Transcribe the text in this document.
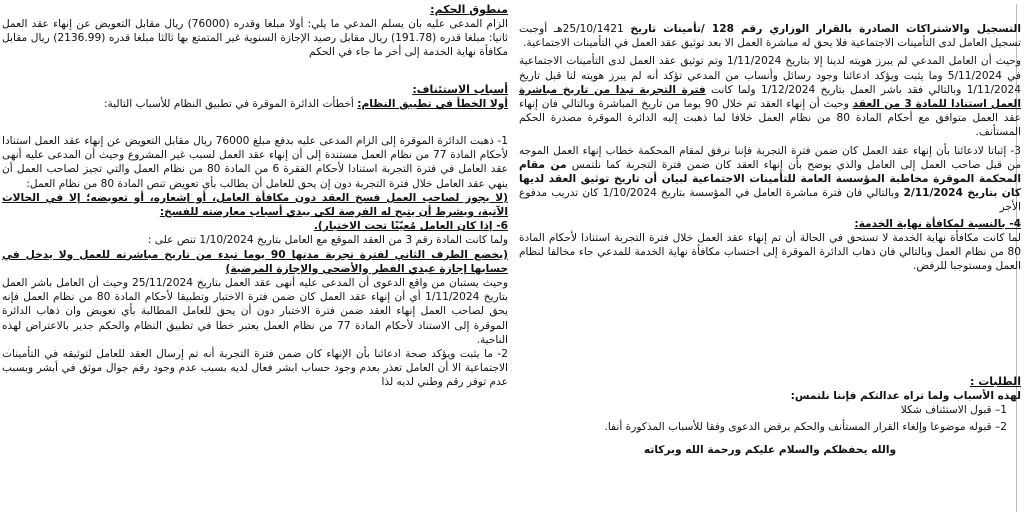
منطوق الحكم:

الزام المدعى عليه بان يسلم المدعي ما يلي: أولا مبلغا وقدره (76000) ريال مقابل التعويض عن إنهاء عقد العمل ثانيا: مبلغا قدره (191.78) ريال مقابل رصيد الإجازة السنوية غير المتمتع بها ثالثا مبلغا قدره (2136.99) ريال مقابل مكافأة نهاية الخدمة إلى أخر ما جاء في الحكم

أسباب الاستئناف:

أولا الخطأ في تطبيق النظام: أخطأت الدائرة الموقرة في تطبيق النظام للأسباب التالية:

1- ذهبت الدائرة الموقرة إلى الزام المدعى عليه بدفع مبلغ 76000 ريال مقابل التعويض عن إنهاء عقد العمل استنادا لأحكام المادة 77 من نظام العمل مستندة إلى أن إنهاء عقد العمل لسبب غير المشروع وحيث أن المدعى عليه أنهى عقد العامل في فترة التجربة استنادا لأحكام الفقرة 6 من المادة 80 من نظام العمل والتي تجيز لصاحب العمل أن ينهي عقد العامل خلال فترة التجربة دون إن يحق للعامل أن يطالب بأي تعويض تنص المادة 80 من نظام العمل:

(لا يجوز لصاحب العمل فسخ العقد دون مكافأة العامل، أو إشعاره، أو تعويضه؛ إلا في الحالات الآتية، ويشرط أن يتيح له الفرصة لكي يبدي أسباب معارضته للفسخ:

6- إذا كان العامل مُعيّنًا تحت الاختبار).

ولما كانت المادة رقم 3 من العقد الموقع مع العامل بتاريخ 1/10/2024 تنص على :

(يخضع الطرف الثاني لفترة تجربة مدتها 90 يوما تبدء من تاريخ مباشرته للعمل ولا يدخل في حسابها إجازة عيدي الفطر والأضحي والإجازة المرضية)

وحيث يستبان من واقع الدعوى أن المدعى عليه أنهى عقد العمل بتاريخ 25/11/2024 وحيث أن العامل باشر العمل بتاريخ 1/11/2024 أي أن إنهاء عقد العمل كان ضمن فترة الاختبار وتطبيقا لأحكام المادة 80 من نظام العمل فإنه يحق لصاحب العمل إنهاء العقد ضمن فترة الاختبار دون أن يحق للعامل المطالبة بأي تعويض وان ذهاب الدائرة الموقرة إلى الاستناد لأحكام المادة 77 من نظام العمل يعتبر خطا في تطبيق النظام والحكم جدير بالاعتراض لهذه الناحية.

2- ما يثبت ويؤكد صحة ادعائنا بأن الإنهاء كان ضمن فترة التجربة أنه تم إرسال العقد للعامل لتوثيقه في التأمينات الاجتماعية الا أن العامل تعذر بعدم وجود حساب ابشر فعال لديه بسبب عدم وجود رقم جوال موثق في أبشر وبسبب عدم توفر رقم وطني لديه لذا

التسجيل والاشتراكات الصادرة بالقرار الوزاري رقم 128 /تأمينات تاريخ 25/10/1421هـ أوجبت تسجيل العامل لدى التأمينات الاجتماعية فلا يحق له مباشرة العمل الا بعد توثيق عقد العمل في التأمينات الاجتماعية.

وحيث أن العامل المدعي لم يبرز هويته لدينا إلا بتاريخ 1/11/2024 وتم توثيق عقد العمل لدى التأمينات الاجتماعية في 5/11/2024 وما يثبت ويؤكد ادعائنا وجود رسائل وأنساب من المدعي تؤكد أنه لم يبرز هويته لنا قبل تاريخ 1/11/2024 وبالتالي فقد باشر العمل بتاريخ 1/12/2024 ولما كانت فترة التجربة تبدا من تاريخ مباشرة العمل استنادا للمادة 3 من العقد وحيث أن إنهاء العقد تم خلال 90 يوما من تاريخ المباشرة وبالتالي فان إنهاء عقد العمل متوافق مع أحكام المادة 80 من نظام العمل خلافا لما ذهبت إليه الدائرة الموقرة مصدرة الحكم المستأنف.

3- إثباتا لادعائنا بأن إنهاء عقد العمل كان ضمن فترة التجربة فإننا نرفق لمقام المحكمة خطاب إنهاء العمل الموجه من قبل صاحب العمل إلى العامل والذي يوضح بأن إنهاء العقد كان ضمن فترة التجربة كما نلتمس من مقام المحكمة الموقرة مخاطبة المؤسسة العامة للتأمينات الاجتماعية لبيان أن تاريخ توثيق العقد لديها كان بتاريخ 2/11/2024 وبالتالي فان فترة مباشرة العامل في المؤسسة بتاريخ 1/10/2024 كان تدريب مدفوع الأجر

4- بالنسبة لمكافأة نهاية الخدمة:

لما كانت مكافأة نهاية الخدمة لا تستحق في الحالة أن تم إنهاء عقد العمل خلال فترة التجربة استنادا لأحكام المادة 80 من نظام العمل وبالتالي فان ذهاب الدائرة الموقرة إلى احتساب مكافأة نهاية الخدمة للمدعي جاء مخالفا لنظام العمل ومستوجبا للرفض.

الطلبات :

لهذه الأسباب ولما تراه عدالتكم فإننا نلتمس:

1– قبول الاستئناف شكلا

2– قبوله موضوعا وإلغاء القرار المستأنف والحكم برفض الدعوى وفقا للأسباب المذكورة أنفا.

والله يحفظكم والسلام عليكم ورحمة الله وبركاته
